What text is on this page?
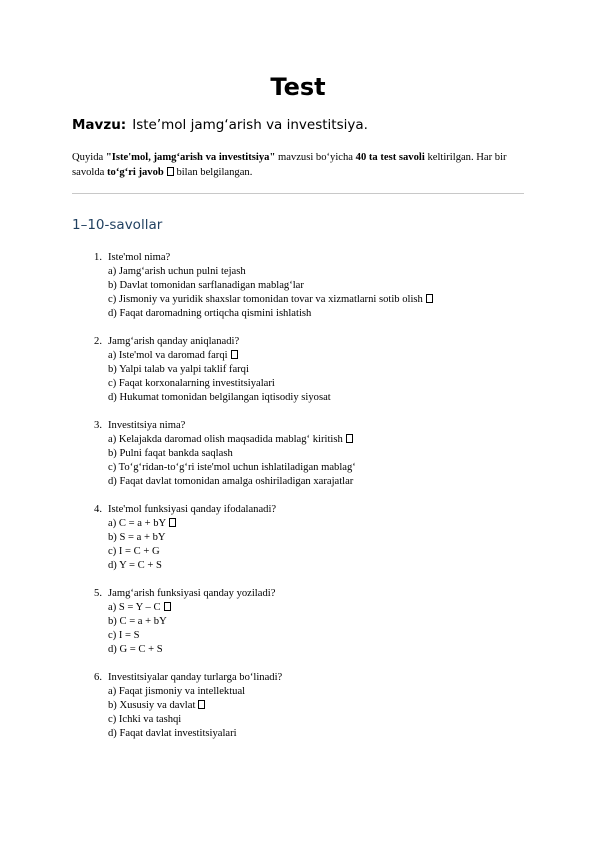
Test

Mavzu: Iste’mol jamg‘arish va investitsiya.

Quyida "Iste'mol, jamg‘arish va investitsiya" mavzusi bo‘yicha 40 ta test savoli keltirilgan. Har bir savolda to‘g‘ri javob bilan belgilangan.

1–10-savollar
1. Iste'mol nima?
a) Jamg‘arish uchun pulni tejash
b) Davlat tomonidan sarflanadigan mablag‘lar
c) Jismoniy va yuridik shaxslar tomonidan tovar va xizmatlarni sotib olish
d) Faqat daromadning ortiqcha qismini ishlatish
2. Jamg‘arish qanday aniqlanadi?
a) Iste'mol va daromad farqi
b) Yalpi talab va yalpi taklif farqi
c) Faqat korxonalarning investitsiyalari
d) Hukumat tomonidan belgilangan iqtisodiy siyosat
3. Investitsiya nima?
a) Kelajakda daromad olish maqsadida mablag‘ kiritish
b) Pulni faqat bankda saqlash
c) To‘g‘ridan-to‘g‘ri iste'mol uchun ishlatiladigan mablag‘
d) Faqat davlat tomonidan amalga oshiriladigan xarajatlar
4. Iste'mol funksiyasi qanday ifodalanadi?
a) C = a + bY
b) S = a + bY
c) I = C + G
d) Y = C + S
5. Jamg‘arish funksiyasi qanday yoziladi?
a) S = Y – C
b) C = a + bY
c) I = S
d) G = C + S
6. Investitsiyalar qanday turlarga bo‘linadi?
a) Faqat jismoniy va intellektual
b) Xususiy va davlat
c) Ichki va tashqi
d) Faqat davlat investitsiyalari
